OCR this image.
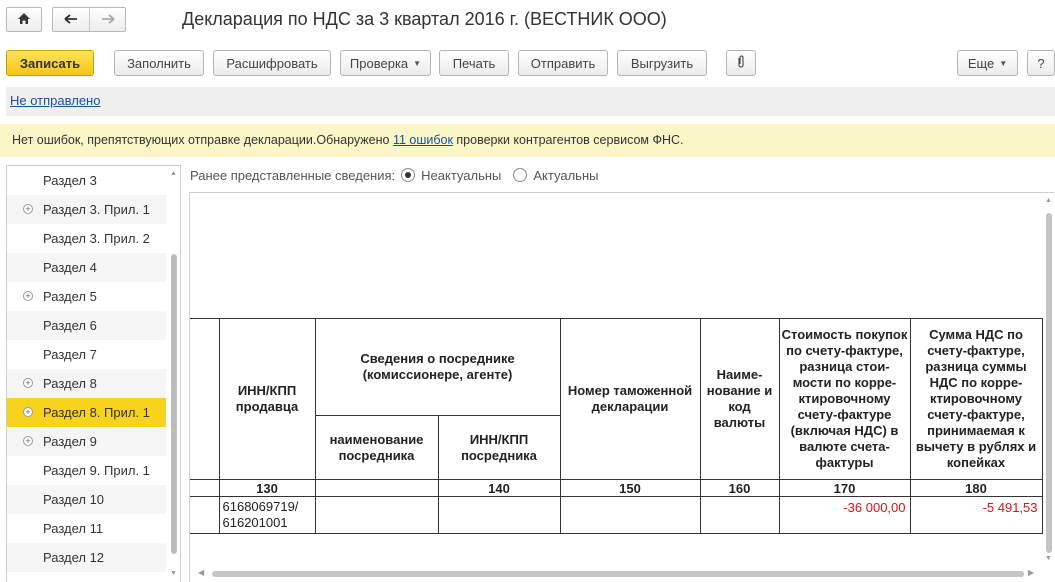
Декларация по НДС за 3 квартал 2016 г. (ВЕСТНИК ООО)
Записать	Заполнить	Расшифровать	Проверка ▼	Печать	Отправить	Выгрузить	Еще ▼	?
Не отправлено
Нет ошибок, препятствующих отправке декларации.Обнаружено 11 ошибок проверки контрагентов сервисом ФНС.
Раздел 3
+ Раздел 3. Прил. 1
Раздел 3. Прил. 2
Раздел 4
+ Раздел 5
Раздел 6
Раздел 7
+ Раздел 8
+ Раздел 8. Прил. 1
+ Раздел 9
Раздел 9. Прил. 1
Раздел 10
Раздел 11
Раздел 12
▲
▼
Ранее представленные сведения: Неактуальны Актуальны
	ИНН/КПП продавца	Сведения о посреднике (комиссионере, агенте)		Номер таможенной декларации	Наиме-нование и код валюты	Стоимость покупок по счету-фактуре, разница стои-мости по корре-ктировочному счету-фактуре (включая НДС) в валюте счета-фактуры	Сумма НДС по счету-фактуре, разница суммы НДС по корре-ктировочному счету-фактуре, принимаемая к вычету в рублях и копейках
		наименование посредника	ИНН/КПП посредника				
	130		140	150	160	170	180
	6168069719/ 616201001					-36 000,00	-5 491,53
▲
▼
◀	▶
